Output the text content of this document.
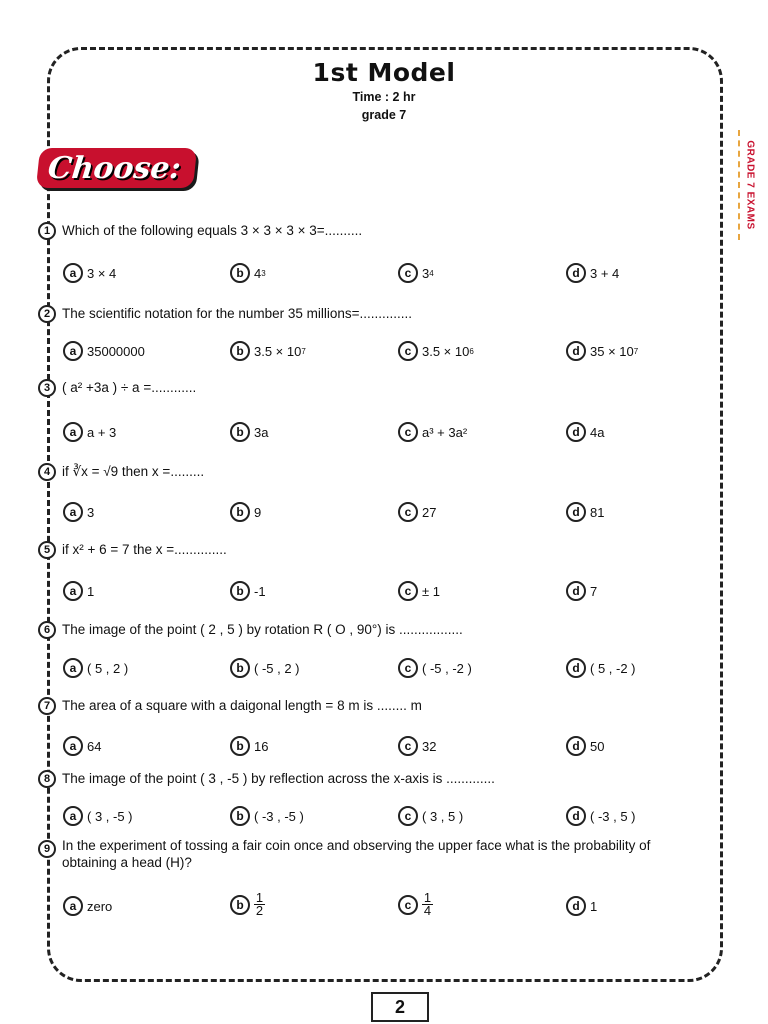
1st Model
Time : 2 hr
grade 7
Choose:	GRADE 7 EXAMS
1 Which of the following equals 3 × 3 × 3 × 3=..........
a 3 × 4	b 4 3	c 3 4	d 3 + 4
2 The scientific notation for the number 35 millions=..............
a 35000000	b 3.5 × 10 7	c 3.5 × 10 6	d 35 × 10 7
3 ( a² +3a ) ÷ a =............
a a + 3	b 3a	c a³ + 3a²	d 4a
4 if ∛x = √9 then x =.........
a 3	b 9	c 27	d 81
5 if x² + 6 = 7 the x =..............
a 1	b -1	c ± 1	d 7
6 The image of the point ( 2 , 5 ) by rotation R ( O , 90°) is .................
a ( 5 , 2 )	b ( -5 , 2 )	c ( -5 , -2 )	d ( 5 , -2 )
7 The area of a square with a daigonal length = 8 m is ........ m
a 64	b 16	c 32	d 50
8 The image of the point ( 3 , -5 ) by reflection across the x-axis is .............
a ( 3 , -5 )	b ( -3 , -5 )	c ( 3 , 5 )	d ( -3 , 5 )
9 In the experiment of tossing a fair coin once and observing the upper face what is the probability of obtaining a head (H)?
a zero	b $\frac{1}{2}$	c $\frac{1}{4}$	d 1
2
